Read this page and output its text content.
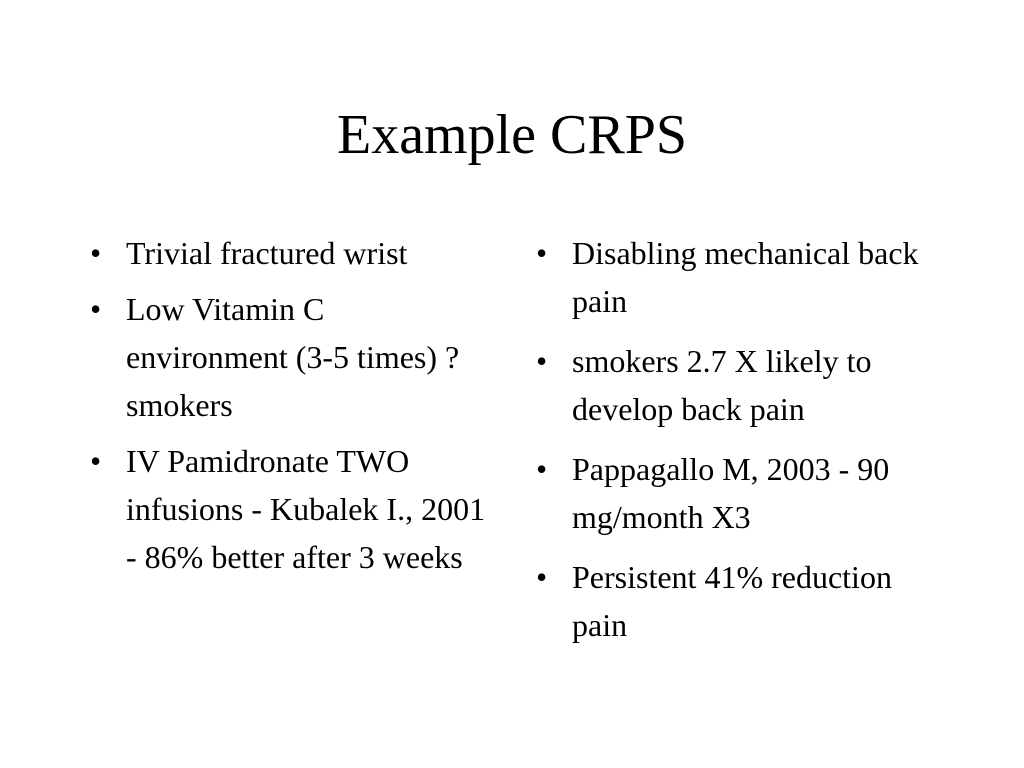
Example CRPS
• Trivial fractured wrist
• Low Vitamin C environment (3-5 times) ?smokers
• IV Pamidronate TWO infusions - Kubalek I., 2001 - 86% better after 3 weeks
• Disabling mechanical back pain
• smokers 2.7 X likely to develop back pain
• Pappagallo M, 2003 - 90 mg/month X3
• Persistent 41% reduction pain
